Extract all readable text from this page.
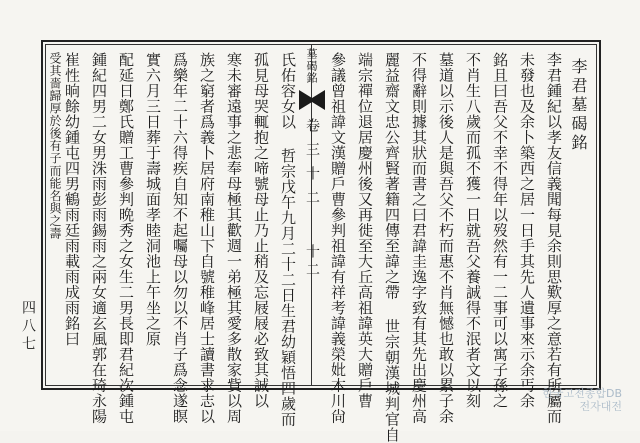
李君墓碣銘
李君鍾紀以孝友信義聞每見余則思歎厚之意若有所屬而
未發也及余卜築西之居一日手其先人遺事來示余丐余
銘且曰吾父不幸不得年以歿然有一二事可以寓子孫之
不肖生八歲而孤不獲一日就吾父養誠得不泯者文以刻
墓道以示後人是與吾父不朽而惠不肖無憾也敢以累子余
不得辭則據其狀而書之曰君諱圭逸字致有其先出慶州高
麗益齋文忠公齊賢著籍四傳至諱之帶 世宗朝漢城判官自
端宗禪位退居慶州後又再徙至大丘高祖諱英大贈戶曹
參議曾祖諱文漢贈戶曹參判祖諱有祥考諱義榮妣木川尙
墓碣銘
卷三十二
十二
氏佑容女以 哲宗戊午九月二十二日生君幼穎悟四歲而
孤見母哭輒抱之啼號母止乃止稍及忘屐屐必致其誠以
寒未審遠事之悲奉母極其歡週一弟極其愛多散家貲以周
族之窮者爲義卜居府南稚山下自號稚峰居士讀書求志以
爲樂年二十六得疾自知不起囑母以勿以不肖子爲念遂瞑
實六月三日葬于壽城面孝睦洞池上午坐之原
配延日鄭氏贈工曹參判晩秀之女生二男長即君紀次鍾屯
鍾紀四男二女男洙雨彭雨錫雨之兩女適玄風郭在琦永陽
崔性晌餘幼鍾屯四男鶴雨廷雨載雨成雨銘曰
受其嗇歸厚於後有子而能名與之壽
四八七
한국고전종합DB
전자대전
